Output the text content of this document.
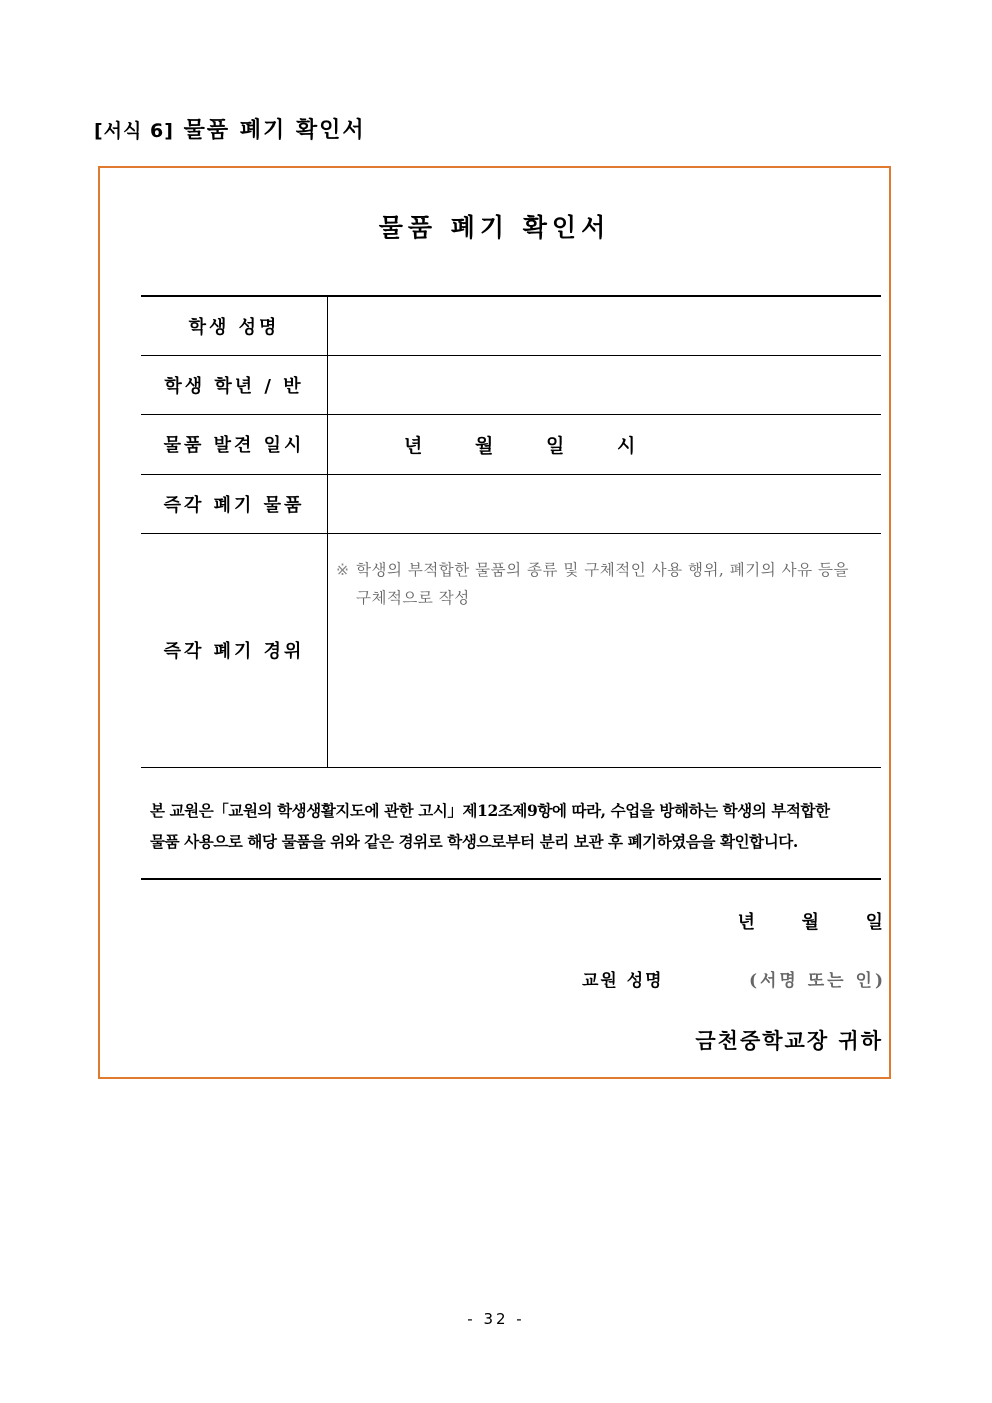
[서식 6] 물품 폐기 확인서
물품 폐기 확인서
학생 성명	
학생 학년 / 반	
물품 발견 일시	년 월 일 시

즉각 폐기 물품	
즉각 폐기 경위	※ 학생의 부적합한 물품의 종류 및 구체적인 사용 행위, 폐기의 사유 등을
구체적으로 작성
본 교원은「교원의 학생생활지도에 관한 고시」제12조제9항에 따라, 수업을 방해하는 학생의 부적합한
물품 사용으로 해당 물품을 위와 같은 경위로 학생으로부터 분리 보관 후 폐기하였음을 확인합니다.
년	월	일
교원 성명	(서명 또는 인)
금천중학교장 귀하
- 32 -
